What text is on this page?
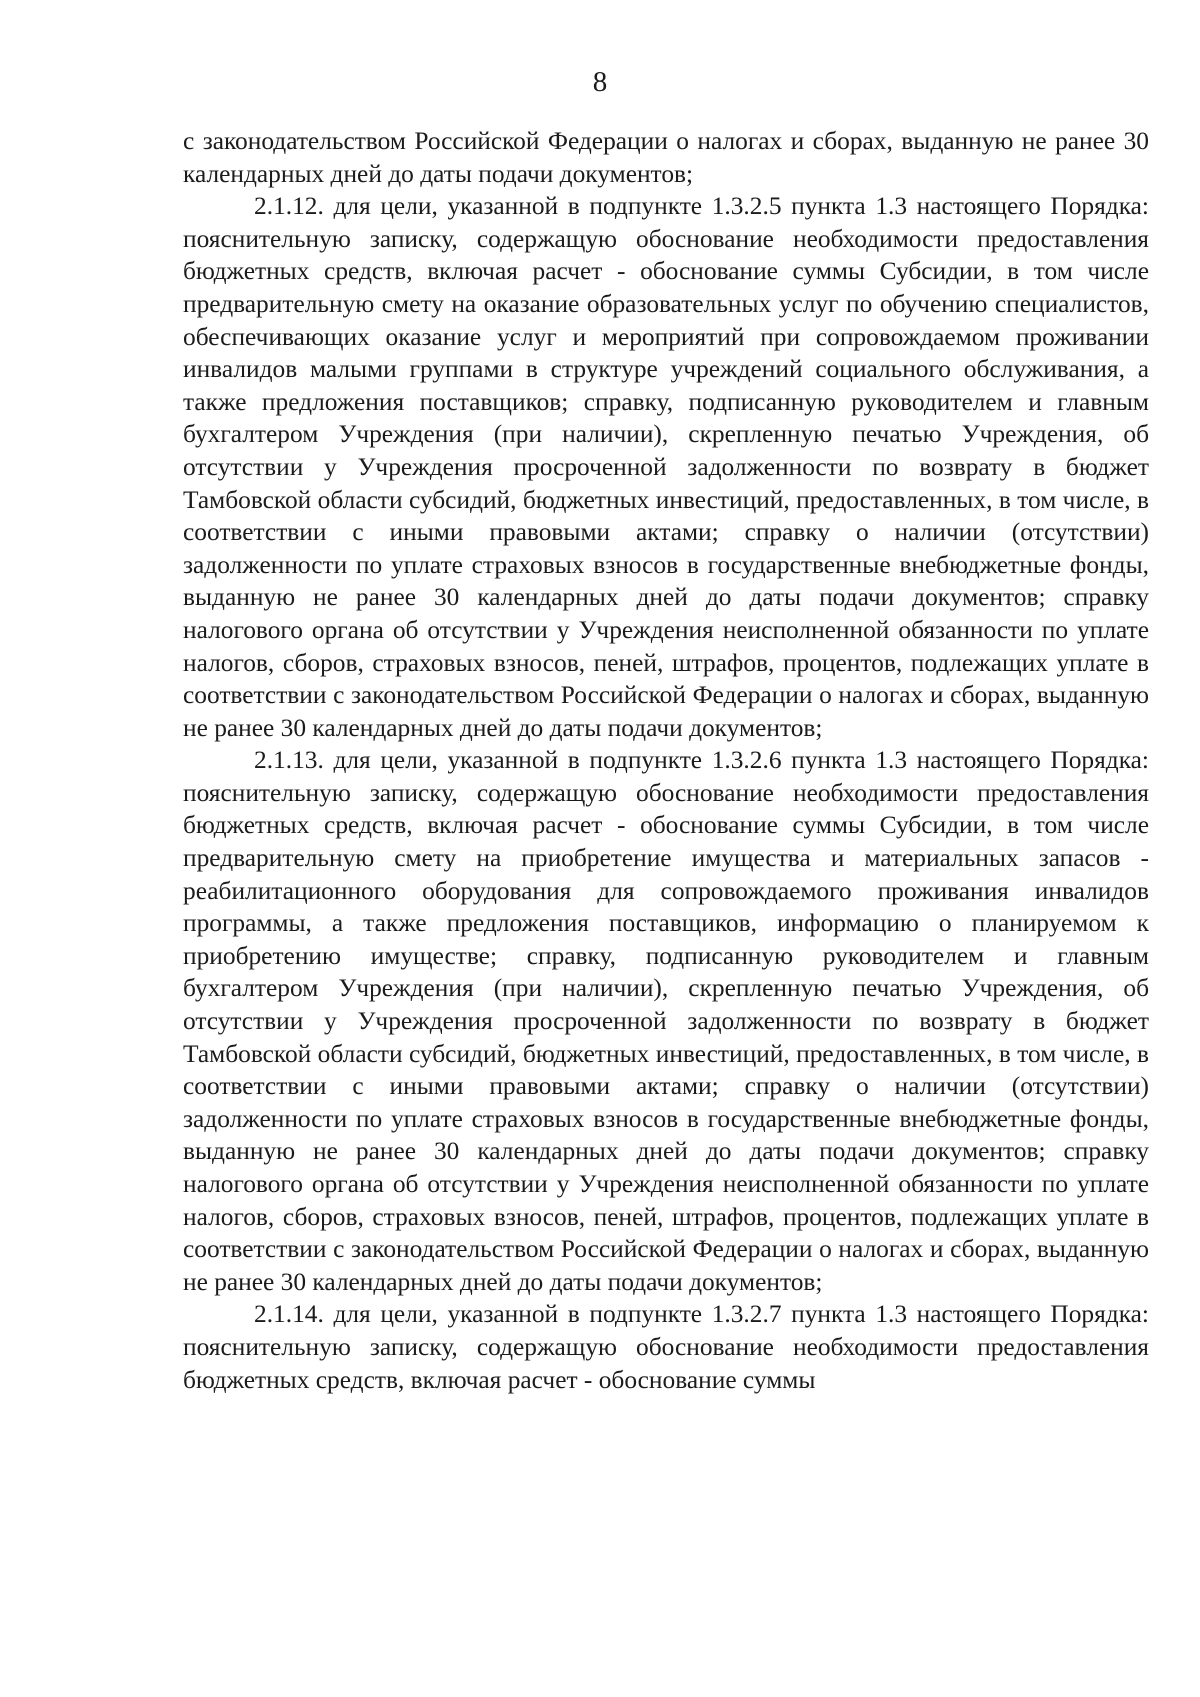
8

с законодательством Российской Федерации о налогах и сборах, выданную не ранее 30 календарных дней до даты подачи документов;

2.1.12. для цели, указанной в подпункте 1.3.2.5 пункта 1.3 настоящего Порядка: пояснительную записку, содержащую обоснование необходимости предоставления бюджетных средств, включая расчет - обоснование суммы Субсидии, в том числе предварительную смету на оказание образовательных услуг по обучению специалистов, обеспечивающих оказание услуг и мероприятий при сопровождаемом проживании инвалидов малыми группами в структуре учреждений социального обслуживания, а также предложения поставщиков; справку, подписанную руководителем и главным бухгалтером Учреждения (при наличии), скрепленную печатью Учреждения, об отсутствии у Учреждения просроченной задолженности по возврату в бюджет Тамбовской области субсидий, бюджетных инвестиций, предоставленных, в том числе, в соответствии с иными правовыми актами; справку о наличии (отсутствии) задолженности по уплате страховых взносов в государственные внебюджетные фонды, выданную не ранее 30 календарных дней до даты подачи документов; справку налогового органа об отсутствии у Учреждения неисполненной обязанности по уплате налогов, сборов, страховых взносов, пеней, штрафов, процентов, подлежащих уплате в соответствии с законодательством Российской Федерации о налогах и сборах, выданную не ранее 30 календарных дней до даты подачи документов;

2.1.13. для цели, указанной в подпункте 1.3.2.6 пункта 1.3 настоящего Порядка: пояснительную записку, содержащую обоснование необходимости предоставления бюджетных средств, включая расчет - обоснование суммы Субсидии, в том числе предварительную смету на приобретение имущества и материальных запасов - реабилитационного оборудования для сопровождаемого проживания инвалидов программы, а также предложения поставщиков, информацию о планируемом к приобретению имуществе; справку, подписанную руководителем и главным бухгалтером Учреждения (при наличии), скрепленную печатью Учреждения, об отсутствии у Учреждения просроченной задолженности по возврату в бюджет Тамбовской области субсидий, бюджетных инвестиций, предоставленных, в том числе, в соответствии с иными правовыми актами; справку о наличии (отсутствии) задолженности по уплате страховых взносов в государственные внебюджетные фонды, выданную не ранее 30 календарных дней до даты подачи документов; справку налогового органа об отсутствии у Учреждения неисполненной обязанности по уплате налогов, сборов, страховых взносов, пеней, штрафов, процентов, подлежащих уплате в соответствии с законодательством Российской Федерации о налогах и сборах, выданную не ранее 30 календарных дней до даты подачи документов;

2.1.14. для цели, указанной в подпункте 1.3.2.7 пункта 1.3 настоящего Порядка: пояснительную записку, содержащую обоснование необходимости предоставления бюджетных средств, включая расчет - обоснование суммы
